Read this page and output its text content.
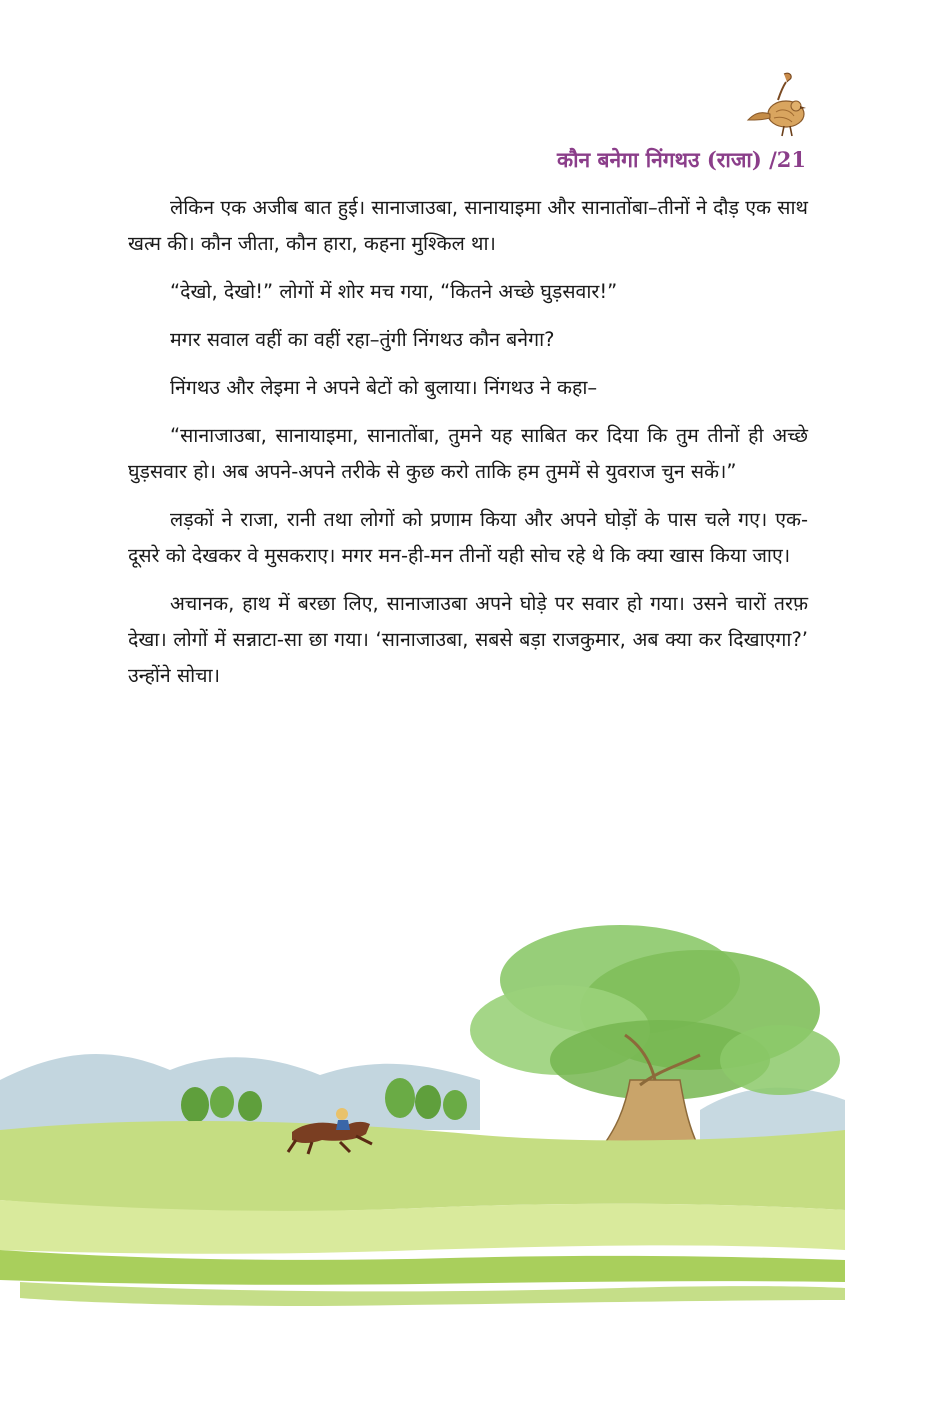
कौन बनेगा निंगथउ (राजा) /21

लेकिन एक अजीब बात हुई। सानाजाउबा, सानायाइमा और सानातोंबा–तीनों ने दौड़ एक साथ खत्म की। कौन जीता, कौन हारा, कहना मुश्किल था।

“देखो, देखो!” लोगों में शोर मच गया, “कितने अच्छे घुड़सवार!”

मगर सवाल वहीं का वहीं रहा–तुंगी निंगथउ कौन बनेगा?

निंगथउ और लेइमा ने अपने बेटों को बुलाया। निंगथउ ने कहा–

“सानाजाउबा, सानायाइमा, सानातोंबा, तुमने यह साबित कर दिया कि तुम तीनों ही अच्छे घुड़सवार हो। अब अपने-अपने तरीके से कुछ करो ताकि हम तुममें से युवराज चुन सकें।”

लड़कों ने राजा, रानी तथा लोगों को प्रणाम किया और अपने घोड़ों के पास चले गए। एक-दूसरे को देखकर वे मुसकराए। मगर मन-ही-मन तीनों यही सोच रहे थे कि क्या खास किया जाए।

अचानक, हाथ में बरछा लिए, सानाजाउबा अपने घोड़े पर सवार हो गया। उसने चारों तरफ़ देखा। लोगों में सन्नाटा-सा छा गया। ‘सानाजाउबा, सबसे बड़ा राजकुमार, अब क्या कर दिखाएगा?’ उन्होंने सोचा।
